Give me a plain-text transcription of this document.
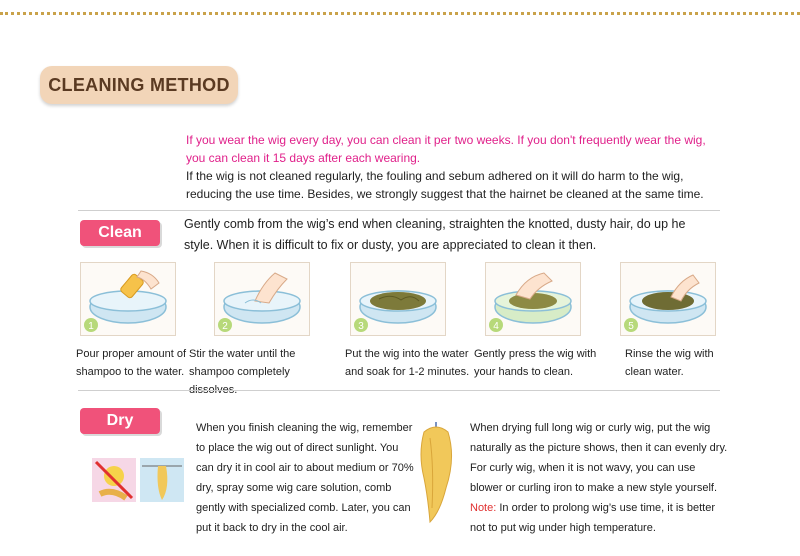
CLEANING METHOD
If you wear the wig every day, you can clean it per two weeks. If you don't frequently wear the wig, you can clean it 15 days after each wearing.
If the wig is not cleaned regularly, the fouling and sebum adhered on it will do harm to the wig, reducing the use time. Besides, we strongly suggest that the hairnet be cleaned at the same time.
Clean	Gently comb from the wig’s end when cleaning, straighten the knotted, dusty hair, do up he style. When it is difficult to fix or dusty, you are appreciated to clean it then.
1	2	3	4	5
Pour proper amount of shampoo to the water.
Stir the water until the shampoo completely dissolves.
Put the wig into the water and soak for 1-2 minutes.
Gently press the wig with your hands to clean.
Rinse the wig with clean water.
Dry	When you finish cleaning the wig, remember to place the wig out of direct sunlight. You can dry it in cool air to about medium or 70% dry, spray some wig care solution, comb gently with specialized comb. Later, you can put it back to dry in the cool air.
When drying full long wig or curly wig, put the wig naturally as the picture shows, then it can evenly dry. For curly wig, when it is not wavy, you can use blower or curling iron to make a new style yourself.
Note: In order to prolong wig’s use time, it is better not to put wig under high temperature.
